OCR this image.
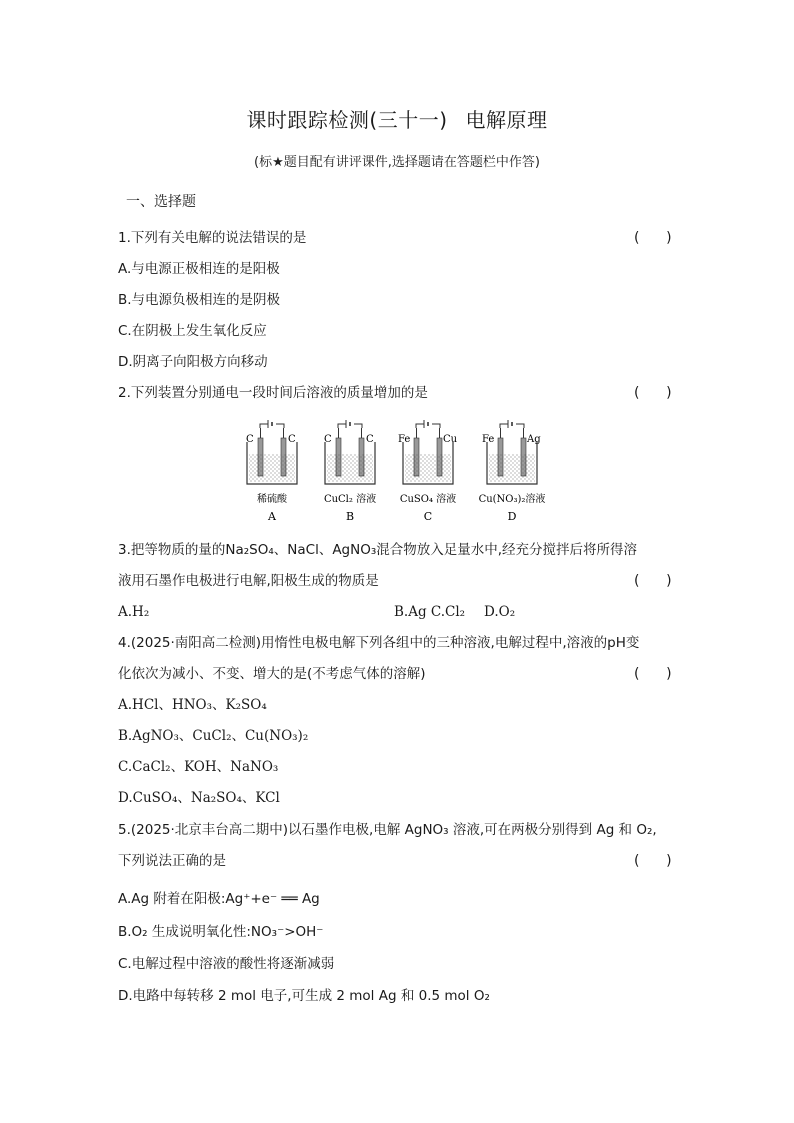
课时跟踪检测(三十一) 电解原理
(标★题目配有讲评课件,选择题请在答题栏中作答)
一、选择题
1.下列有关电解的说法错误的是	(      )
A.与电源正极相连的是阳极
B.与电源负极相连的是阴极
C.在阴极上发生氧化反应
D.阴离子向阳极方向移动
2.下列装置分别通电一段时间后溶液的质量增加的是	(      )
C	C
稀硫酸
A
C	C
CuCl₂ 溶液
B
Fe	Cu
CuSO₄ 溶液
C
Fe	Ag
Cu(NO₃)₂溶液
D
3.把等物质的量的Na₂SO₄、NaCl、AgNO₃混合物放入足量水中,经充分搅拌后将所得溶
液用石墨作电极进行电解,阳极生成的物质是	(      )
A.H₂	B.Ag C.Cl₂ D.O₂
4.(2025·南阳高二检测)用惰性电极电解下列各组中的三种溶液,电解过程中,溶液的pH变
化依次为减小、不变、增大的是(不考虑气体的溶解)	(      )
A.HCl、HNO₃、K₂SO₄
B.AgNO₃、CuCl₂、Cu(NO₃)₂
C.CaCl₂、KOH、NaNO₃
D.CuSO₄、Na₂SO₄、KCl
5.(2025·北京丰台高二期中)以石墨作电极,电解 AgNO₃ 溶液,可在两极分别得到 Ag 和 O₂,
下列说法正确的是	(      )
A.Ag 附着在阳极:Ag⁺+e⁻ ══ Ag
B.O₂ 生成说明氧化性:NO₃⁻>OH⁻
C.电解过程中溶液的酸性将逐渐减弱
D.电路中每转移 2 mol 电子,可生成 2 mol Ag 和 0.5 mol O₂
